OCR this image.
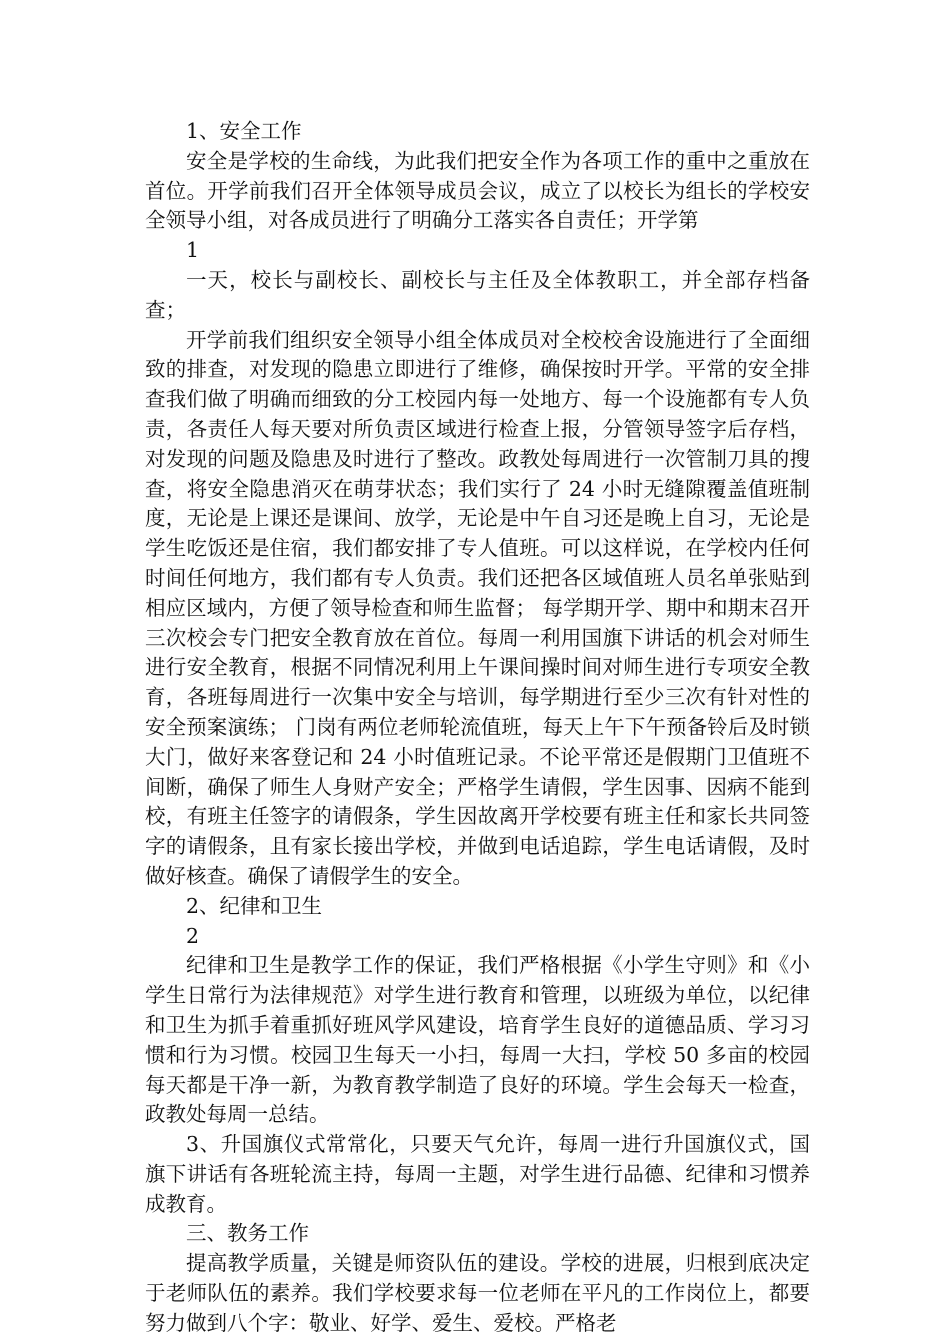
1、安全工作

安全是学校的生命线，为此我们把安全作为各项工作的重中之重放在首位。开学前我们召开全体领导成员会议，成立了以校长为组长的学校安全领导小组，对各成员进行了明确分工落实各自责任；开学第

1

一天，校长与副校长、副校长与主任及全体教职工，并全部存档备查；

开学前我们组织安全领导小组全体成员对全校校舍设施进行了全面细致的排查，对发现的隐患立即进行了维修，确保按时开学。平常的安全排查我们做了明确而细致的分工校园内每一处地方、每一个设施都有专人负责，各责任人每天要对所负责区域进行检查上报，分管领导签字后存档，对发现的问题及隐患及时进行了整改。政教处每周进行一次管制刀具的搜查，将安全隐患消灭在萌芽状态；我们实行了 24 小时无缝隙覆盖值班制度，无论是上课还是课间、放学，无论是中午自习还是晚上自习，无论是学生吃饭还是住宿，我们都安排了专人值班。可以这样说，在学校内任何时间任何地方，我们都有专人负责。我们还把各区域值班人员名单张贴到相应区域内，方便了领导检查和师生监督； 每学期开学、期中和期末召开三次校会专门把安全教育放在首位。每周一利用国旗下讲话的机会对师生进行安全教育，根据不同情况利用上午课间操时间对师生进行专项安全教育，各班每周进行一次集中安全与培训，每学期进行至少三次有针对性的安全预案演练； 门岗有两位老师轮流值班，每天上午下午预备铃后及时锁大门，做好来客登记和 24 小时值班记录。不论平常还是假期门卫值班不间断，确保了师生人身财产安全；严格学生请假，学生因事、因病不能到校，有班主任签字的请假条，学生因故离开学校要有班主任和家长共同签字的请假条，且有家长接出学校，并做到电话追踪，学生电话请假，及时做好核查。确保了请假学生的安全。

2、纪律和卫生

2

纪律和卫生是教学工作的保证，我们严格根据《小学生守则》和《小学生日常行为法律规范》对学生进行教育和管理，以班级为单位，以纪律和卫生为抓手着重抓好班风学风建设，培育学生良好的道德品质、学习习惯和行为习惯。校园卫生每天一小扫，每周一大扫，学校 50 多亩的校园每天都是干净一新，为教育教学制造了良好的环境。学生会每天一检查，政教处每周一总结。

3、升国旗仪式常常化，只要天气允许，每周一进行升国旗仪式，国旗下讲话有各班轮流主持，每周一主题，对学生进行品德、纪律和习惯养成教育。

三、教务工作

提高教学质量，关键是师资队伍的建设。学校的进展，归根到底决定于老师队伍的素养。我们学校要求每一位老师在平凡的工作岗位上，都要努力做到八个字：敬业、好学、爱生、爱校。严格老
